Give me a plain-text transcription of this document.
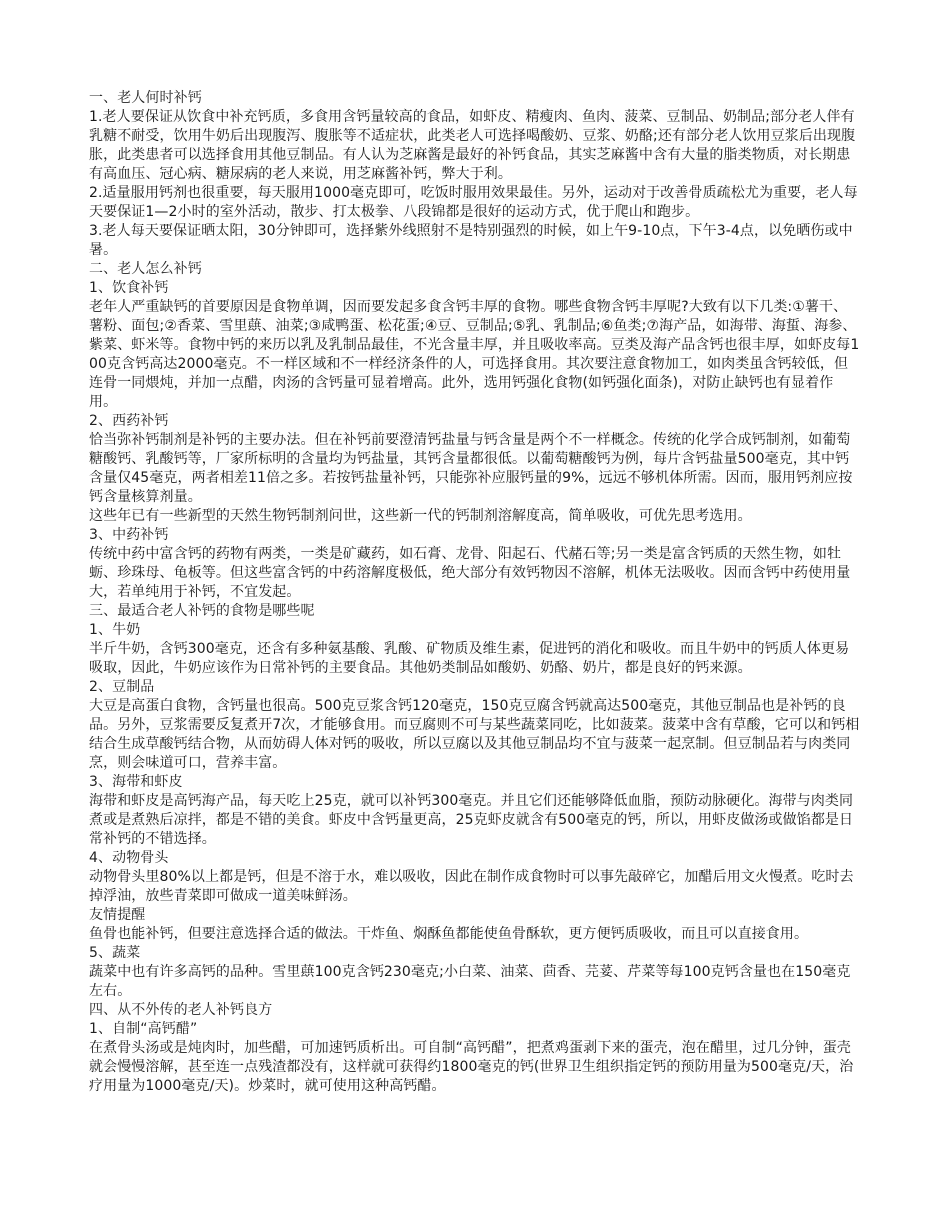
一、老人何时补钙

1.老人要保证从饮食中补充钙质，多食用含钙量较高的食品，如虾皮、精瘦肉、鱼肉、菠菜、豆制品、奶制品;部分老人伴有乳糖不耐受，饮用牛奶后出现腹泻、腹胀等不适症状，此类老人可选择喝酸奶、豆浆、奶酪;还有部分老人饮用豆浆后出现腹胀，此类患者可以选择食用其他豆制品。有人认为芝麻酱是最好的补钙食品，其实芝麻酱中含有大量的脂类物质，对长期患有高血压、冠心病、糖尿病的老人来说，用芝麻酱补钙，弊大于利。

2.适量服用钙剂也很重要，每天服用1000毫克即可，吃饭时服用效果最佳。另外，运动对于改善骨质疏松尤为重要，老人每天要保证1—2小时的室外活动，散步、打太极拳、八段锦都是很好的运动方式，优于爬山和跑步。

3.老人每天要保证晒太阳，30分钟即可，选择紫外线照射不是特别强烈的时候，如上午9-10点，下午3-4点，以免晒伤或中暑。

二、老人怎么补钙

1、饮食补钙

老年人严重缺钙的首要原因是食物单调，因而要发起多食含钙丰厚的食物。哪些食物含钙丰厚呢?大致有以下几类:①薯干、薯粉、面包;②香菜、雪里蕻、油菜;③咸鸭蛋、松花蛋;④豆、豆制品;⑤乳、乳制品;⑥鱼类;⑦海产品，如海带、海蜇、海参、紫菜、虾米等。食物中钙的来历以乳及乳制品最佳，不光含量丰厚，并且吸收率高。豆类及海产品含钙也很丰厚，如虾皮每100克含钙高达2000毫克。不一样区域和不一样经济条件的人，可选择食用。其次要注意食物加工，如肉类虽含钙较低，但连骨一同煨炖，并加一点醋，肉汤的含钙量可显着增高。此外，选用钙强化食物(如钙强化面条)，对防止缺钙也有显着作用。

2、西药补钙

恰当弥补钙制剂是补钙的主要办法。但在补钙前要澄清钙盐量与钙含量是两个不一样概念。传统的化学合成钙制剂，如葡萄糖酸钙、乳酸钙等，厂家所标明的含量均为钙盐量，其钙含量都很低。以葡萄糖酸钙为例，每片含钙盐量500毫克，其中钙含量仅45毫克，两者相差11倍之多。若按钙盐量补钙，只能弥补应服钙量的9%，远远不够机体所需。因而，服用钙剂应按钙含量核算剂量。

这些年已有一些新型的天然生物钙制剂问世，这些新一代的钙制剂溶解度高，简单吸收，可优先思考选用。

3、中药补钙

传统中药中富含钙的药物有两类，一类是矿藏药，如石膏、龙骨、阳起石、代赭石等;另一类是富含钙质的天然生物，如牡蛎、珍珠母、龟板等。但这些富含钙的中药溶解度极低，绝大部分有效钙物因不溶解，机体无法吸收。因而含钙中药使用量大，若单纯用于补钙，不宜发起。

三、最适合老人补钙的食物是哪些呢

1、牛奶

半斤牛奶，含钙300毫克，还含有多种氨基酸、乳酸、矿物质及维生素，促进钙的消化和吸收。而且牛奶中的钙质人体更易吸取，因此，牛奶应该作为日常补钙的主要食品。其他奶类制品如酸奶、奶酪、奶片，都是良好的钙来源。

2、豆制品

大豆是高蛋白食物，含钙量也很高。500克豆浆含钙120毫克，150克豆腐含钙就高达500毫克，其他豆制品也是补钙的良品。另外，豆浆需要反复煮开7次，才能够食用。而豆腐则不可与某些蔬菜同吃，比如菠菜。菠菜中含有草酸，它可以和钙相结合生成草酸钙结合物，从而妨碍人体对钙的吸收，所以豆腐以及其他豆制品均不宜与菠菜一起烹制。但豆制品若与肉类同烹，则会味道可口，营养丰富。

3、海带和虾皮

海带和虾皮是高钙海产品，每天吃上25克，就可以补钙300毫克。并且它们还能够降低血脂，预防动脉硬化。海带与肉类同煮或是煮熟后凉拌，都是不错的美食。虾皮中含钙量更高，25克虾皮就含有500毫克的钙，所以，用虾皮做汤或做馅都是日常补钙的不错选择。

4、动物骨头

动物骨头里80%以上都是钙，但是不溶于水，难以吸收，因此在制作成食物时可以事先敲碎它，加醋后用文火慢煮。吃时去掉浮油，放些青菜即可做成一道美味鲜汤。

友情提醒

鱼骨也能补钙，但要注意选择合适的做法。干炸鱼、焖酥鱼都能使鱼骨酥软，更方便钙质吸收，而且可以直接食用。

5、蔬菜

蔬菜中也有许多高钙的品种。雪里蕻100克含钙230毫克;小白菜、油菜、茴香、芫荽、芹菜等每100克钙含量也在150毫克左右。

四、从不外传的老人补钙良方

1、自制“高钙醋”

在煮骨头汤或是炖肉时，加些醋，可加速钙质析出。可自制“高钙醋”，把煮鸡蛋剥下来的蛋壳，泡在醋里，过几分钟，蛋壳就会慢慢溶解，甚至连一点残渣都没有，这样就可获得约1800毫克的钙(世界卫生组织指定钙的预防用量为500毫克/天，治疗用量为1000毫克/天)。炒菜时，就可使用这种高钙醋。
